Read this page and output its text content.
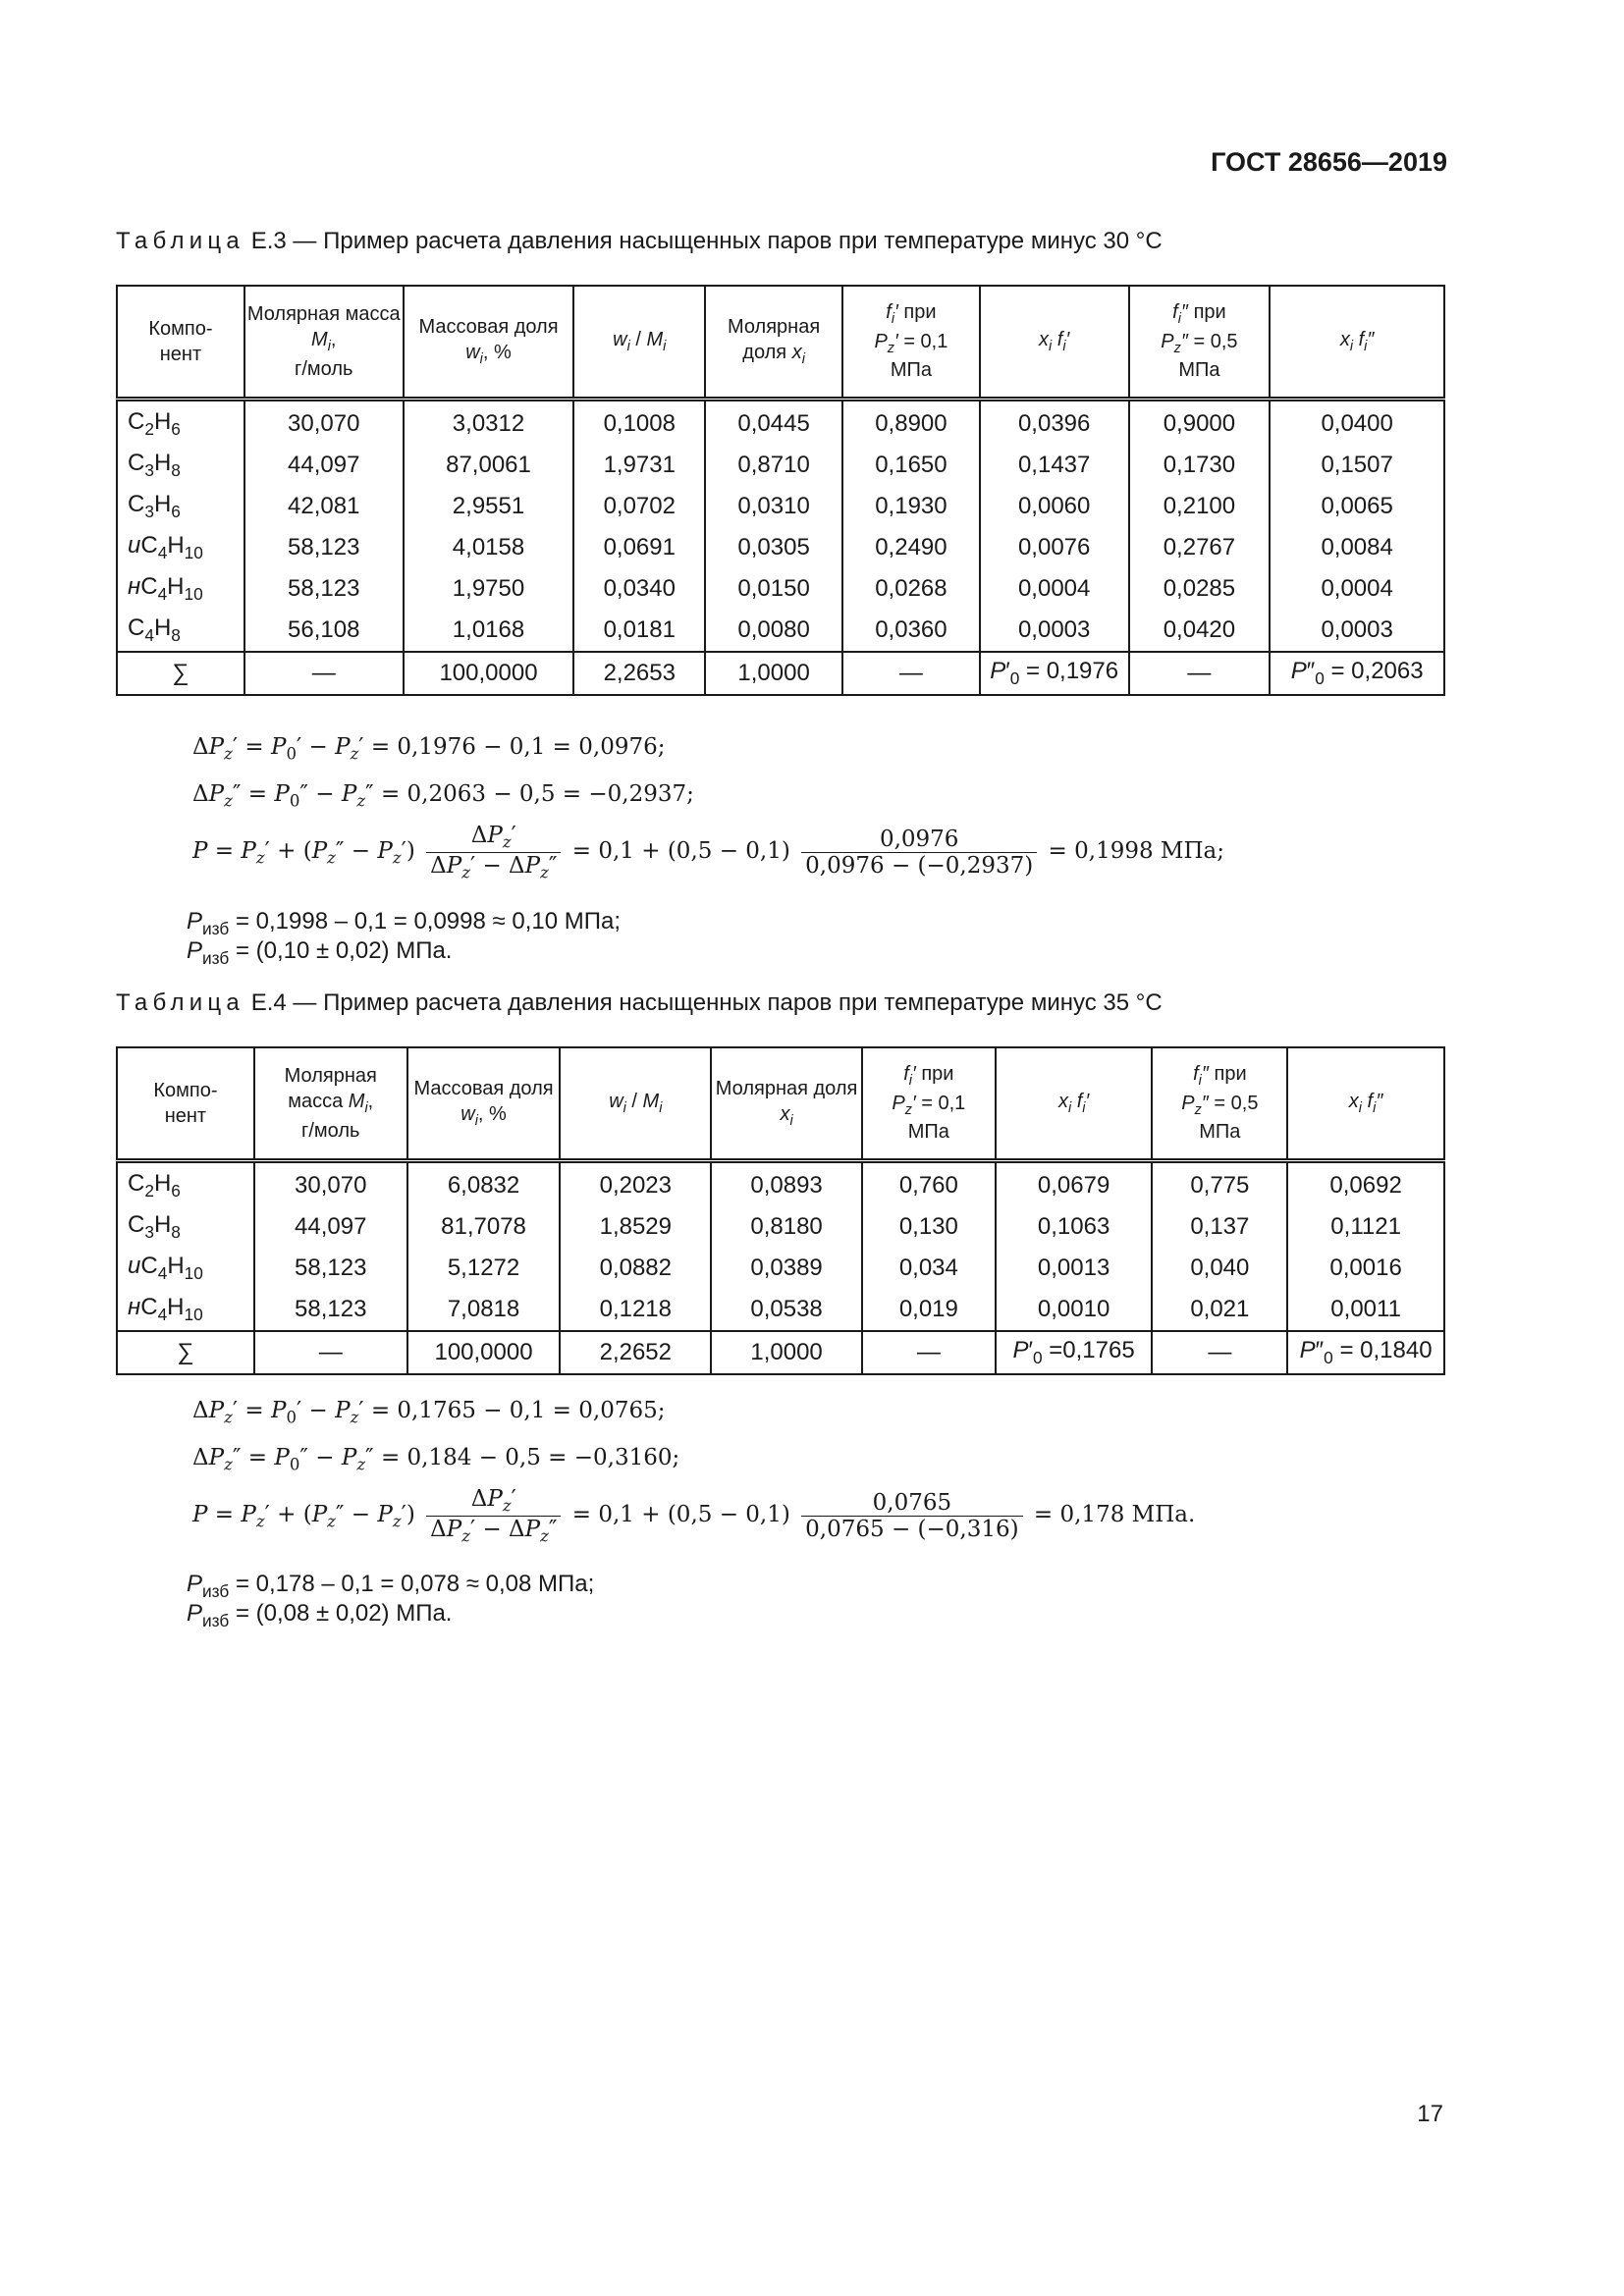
ГОСТ 28656—2019
Таблица Е.3 — Пример расчета давления насыщенных паров при температуре минус 30 °С
Компо-
нент	Молярная масса $M_i$,
г/моль	Массовая доля
$w_i$, %	$w_i / M_i$	Молярная доля $x_i$	$f_i'$ при
$P_z' = 0,1$
МПа	$x_i$ $f_i'$	$f_i''$ при
$P_z'' = 0,5$
МПа	$x_i$ $f_i''$
$C_2H_6$	30,070	3,0312	0,1008	0,0445	0,8900	0,0396	0,9000	0,0400
$C_3H_8$	44,097	87,0061	1,9731	0,8710	0,1650	0,1437	0,1730	0,1507
$C_3H_6$	42,081	2,9551	0,0702	0,0310	0,1930	0,0060	0,2100	0,0065
$иC_4H_{10}$	58,123	4,0158	0,0691	0,0305	0,2490	0,0076	0,2767	0,0084
$нC_4H_{10}$	58,123	1,9750	0,0340	0,0150	0,0268	0,0004	0,0285	0,0004
$C_4H_8$	56,108	1,0168	0,0181	0,0080	0,0360	0,0003	0,0420	0,0003
∑	—	100,0000	2,2653	1,0000	—	$P'_0 = 0,1976$	—	$P''_0 = 0,2063$
$\Delta P_z' = P_0' - P_z' = 0,1976 - 0,1 = 0,0976$;
$\Delta P_z'' = P_0'' - P_z'' = 0,2063 - 0,5 = -0,2937$;
$P = P_z' + (P_z'' - P_z') \frac{\Delta P_z'}{\Delta P_z' - \Delta P_z''} = 0,1 + (0,5 - 0,1) \frac{0,0976}{0,0976 - (-0,2937)} = 0,1998$ МПа;
$P_{изб} = 0,1998 - 0,1 = 0,0998 \approx 0,10$ МПа;
$P_{изб} = (0,10 \pm 0,02)$ МПа.
Таблица Е.4 — Пример расчета давления насыщенных паров при температуре минус 35 °С
Компо-
нент	Молярная масса $M_i$,
г/моль	Массовая доля
$w_i$, %	$w_i / M_i$	Молярная доля $x_i$	$f_i'$ при
$P_z' = 0,1$
МПа	$x_i$ $f_i'$	$f_i''$ при
$P_z'' = 0,5$
МПа	$x_i$ $f_i''$
$C_2H_6$	30,070	6,0832	0,2023	0,0893	0,760	0,0679	0,775	0,0692
$C_3H_8$	44,097	81,7078	1,8529	0,8180	0,130	0,1063	0,137	0,1121
$иC_4H_{10}$	58,123	5,1272	0,0882	0,0389	0,034	0,0013	0,040	0,0016
$нC_4H_{10}$	58,123	7,0818	0,1218	0,0538	0,019	0,0010	0,021	0,0011
∑	—	100,0000	2,2652	1,0000	—	$P'_0 =0,1765$	—	$P''_0 = 0,1840$
$\Delta P_z' = P_0' - P_z' = 0,1765 - 0,1 = 0,0765$;
$\Delta P_z'' = P_0'' - P_z'' = 0,184 - 0,5 = -0,3160$;
$P = P_z' + (P_z'' - P_z') \frac{\Delta P_z'}{\Delta P_z' - \Delta P_z''} = 0,1 + (0,5 - 0,1) \frac{0,0765}{0,0765 - (-0,316)} = 0,178$ МПа.
$P_{изб} = 0,178 - 0,1 = 0,078 \approx 0,08$ МПа;
$P_{изб} = (0,08 \pm 0,02)$ МПа.
17
